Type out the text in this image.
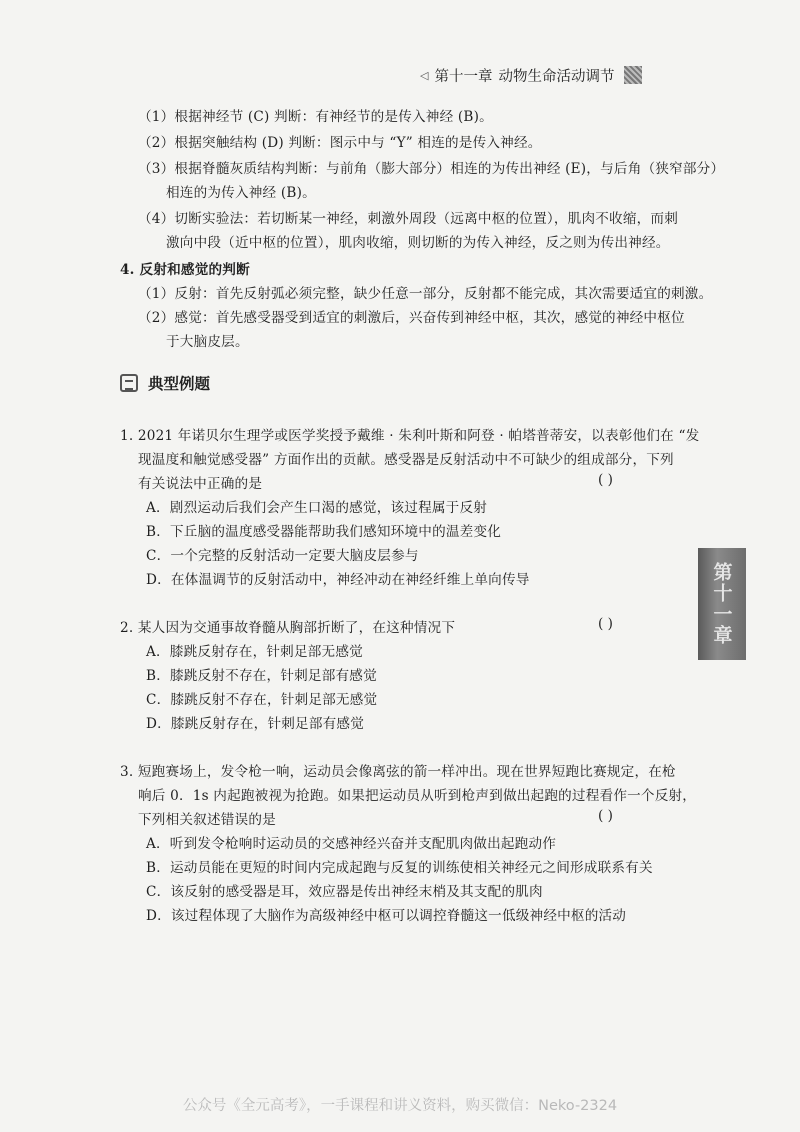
◁ 第十一章 动物生命活动调节
（1）根据神经节 (C) 判断：有神经节的是传入神经 (B)。
（2）根据突触结构 (D) 判断：图示中与 “Y” 相连的是传入神经。
（3）根据脊髓灰质结构判断：与前角（膨大部分）相连的为传出神经 (E)，与后角（狭窄部分）
相连的为传入神经 (B)。
（4）切断实验法：若切断某一神经，刺激外周段（远离中枢的位置），肌肉不收缩，而刺
激向中段（近中枢的位置），肌肉收缩，则切断的为传入神经，反之则为传出神经。
4. 反射和感觉的判断
（1）反射：首先反射弧必须完整，缺少任意一部分，反射都不能完成，其次需要适宜的刺激。
（2）感觉：首先感受器受到适宜的刺激后，兴奋传到神经中枢，其次，感觉的神经中枢位
于大脑皮层。
典型例题
1. 2021 年诺贝尔生理学或医学奖授予戴维 · 朱利叶斯和阿登 · 帕塔普蒂安，以表彰他们在 “发
现温度和触觉感受器” 方面作出的贡献。感受器是反射活动中不可缺少的组成部分，下列
有关说法中正确的是	( )
A．剧烈运动后我们会产生口渴的感觉，该过程属于反射
B．下丘脑的温度感受器能帮助我们感知环境中的温差变化
C．一个完整的反射活动一定要大脑皮层参与
D．在体温调节的反射活动中，神经冲动在神经纤维上单向传导
2. 某人因为交通事故脊髓从胸部折断了，在这种情况下	( )
A．膝跳反射存在，针刺足部无感觉
B．膝跳反射不存在，针刺足部有感觉
C．膝跳反射不存在，针刺足部无感觉
D．膝跳反射存在，针刺足部有感觉
3. 短跑赛场上，发令枪一响，运动员会像离弦的箭一样冲出。现在世界短跑比赛规定，在枪
响后 0．1s 内起跑被视为抢跑。如果把运动员从听到枪声到做出起跑的过程看作一个反射，
下列相关叙述错误的是	( )
A．听到发令枪响时运动员的交感神经兴奋并支配肌肉做出起跑动作
B．运动员能在更短的时间内完成起跑与反复的训练使相关神经元之间形成联系有关
C．该反射的感受器是耳，效应器是传出神经末梢及其支配的肌肉
D．该过程体现了大脑作为高级神经中枢可以调控脊髓这一低级神经中枢的活动
第十一章
公众号《全元高考》，一手课程和讲义资料，购买微信：Neko-2324
